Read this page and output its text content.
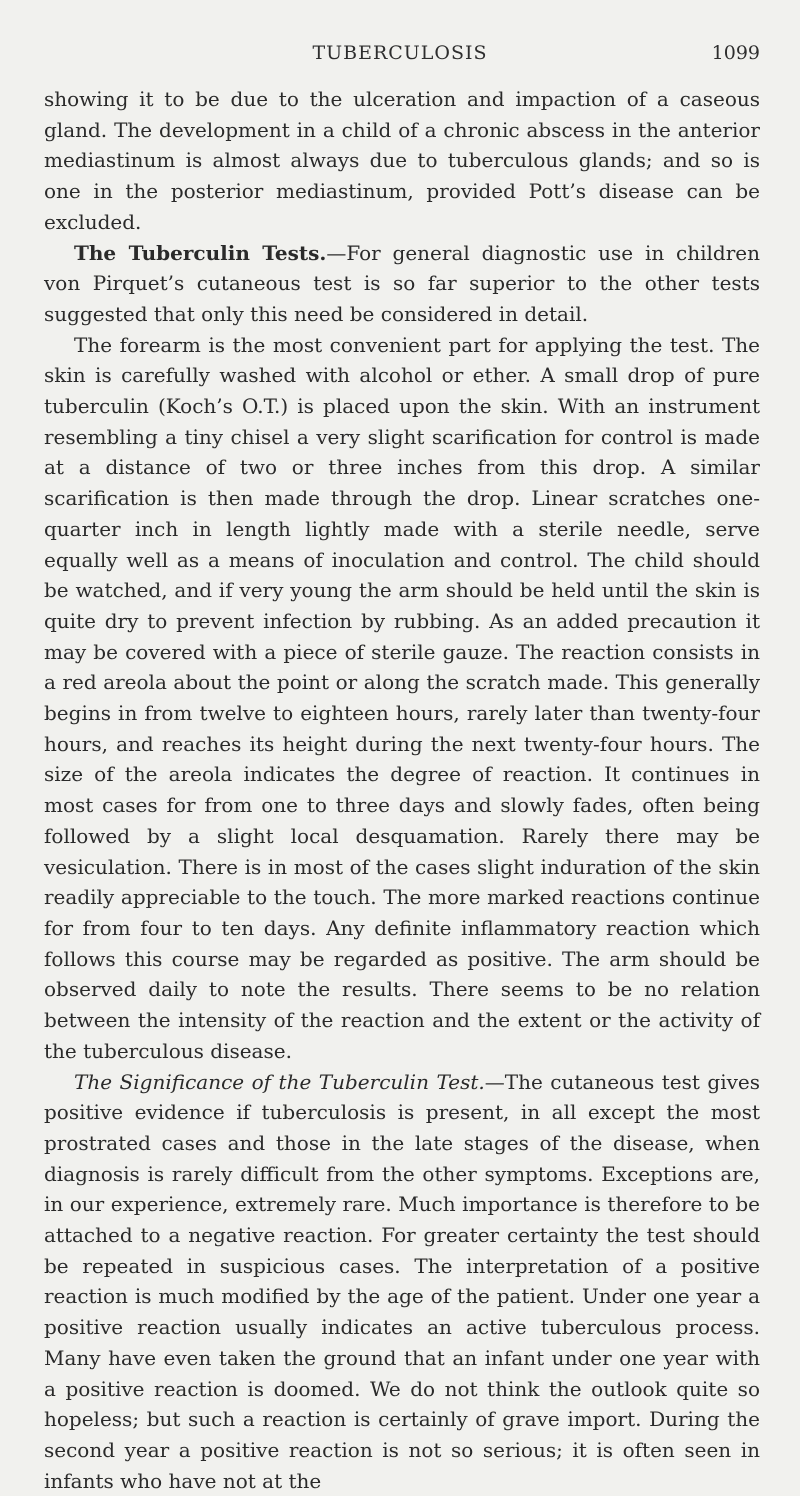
TUBERCULOSIS	1099

showing it to be due to the ulceration and impaction of a caseous gland. The development in a child of a chronic abscess in the anterior mediastinum is almost always due to tuberculous glands; and so is one in the posterior mediastinum, provided Pott’s disease can be excluded.

The Tuberculin Tests.—For general diagnostic use in children von Pirquet’s cutaneous test is so far superior to the other tests suggested that only this need be considered in detail.

The forearm is the most convenient part for applying the test. The skin is carefully washed with alcohol or ether. A small drop of pure tuberculin (Koch’s O.T.) is placed upon the skin. With an instrument resembling a tiny chisel a very slight scarification for control is made at a distance of two or three inches from this drop. A similar scarification is then made through the drop. Linear scratches one-quarter inch in length lightly made with a sterile needle, serve equally well as a means of inoculation and control. The child should be watched, and if very young the arm should be held until the skin is quite dry to prevent infection by rubbing. As an added precaution it may be covered with a piece of sterile gauze. The reaction consists in a red areola about the point or along the scratch made. This generally begins in from twelve to eighteen hours, rarely later than twenty-four hours, and reaches its height during the next twenty-four hours. The size of the areola indicates the degree of reaction. It continues in most cases for from one to three days and slowly fades, often being followed by a slight local desquamation. Rarely there may be vesiculation. There is in most of the cases slight induration of the skin readily appreciable to the touch. The more marked reactions continue for from four to ten days. Any definite inflammatory reaction which follows this course may be regarded as positive. The arm should be observed daily to note the results. There seems to be no relation between the intensity of the reaction and the extent or the activity of the tuberculous disease.

The Significance of the Tuberculin Test.—The cutaneous test gives positive evidence if tuberculosis is present, in all except the most prostrated cases and those in the late stages of the disease, when diagnosis is rarely difficult from the other symptoms. Exceptions are, in our experience, extremely rare. Much importance is therefore to be attached to a negative reaction. For greater certainty the test should be repeated in suspicious cases. The interpretation of a positive reaction is much modified by the age of the patient. Under one year a positive reaction usually indicates an active tuberculous process. Many have even taken the ground that an infant under one year with a positive reaction is doomed. We do not think the outlook quite so hopeless; but such a reaction is certainly of grave import. During the second year a positive reaction is not so serious; it is often seen in infants who have not at the
